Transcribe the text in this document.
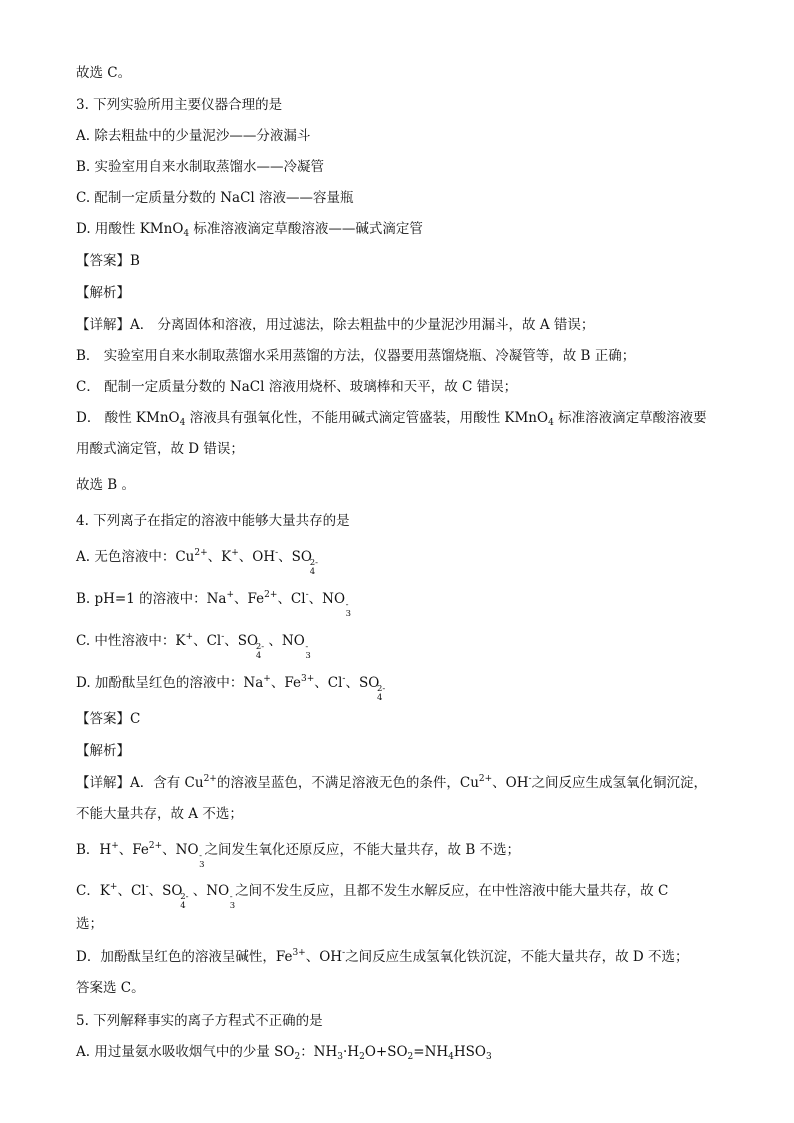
故选 C。
3. 下列实验所用主要仪器合理的是
A. 除去粗盐中的少量泥沙——分液漏斗
B. 实验室用自来水制取蒸馏水——冷凝管
C. 配制一定质量分数的 NaCl 溶液——容量瓶
D. 用酸性 KMnO$_4$ 标准溶液滴定草酸溶液——碱式滴定管
【答案】B
【解析】
【详解】A． 分离固体和溶液，用过滤法，除去粗盐中的少量泥沙用漏斗，故 A 错误；
B． 实验室用自来水制取蒸馏水采用蒸馏的方法，仪器要用蒸馏烧瓶、冷凝管等，故 B 正确；
C． 配制一定质量分数的 NaCl 溶液用烧杯、玻璃棒和天平，故 C 错误；
D． 酸性 KMnO$_4$ 溶液具有强氧化性，不能用碱式滴定管盛装，用酸性 KMnO$_4$ 标准溶液滴定草酸溶液要
用酸式滴定管，故 D 错误；
故选 B 。
4. 下列离子在指定的溶液中能够大量共存的是
A. 无色溶液中：$Cu^{2+}$、K+、OH-、SO
2-
4
B. pH=1 的溶液中：Na+、$Fe^{2+}$、Cl-、NO -
3
C. 中性溶液中：K+、Cl-、SO
2-
4
、NO -
3
D. 加酚酞呈红色的溶液中：Na+、$Fe^{3+}$、Cl-、SO
2-
4
【答案】C
【解析】
【详解】A．含有 $Cu^{2+}$的溶液呈蓝色，不满足溶液无色的条件，$Cu^{2+}$、OH-之间反应生成氢氧化铜沉淀，
不能大量共存，故 A 不选；
B．H+、$Fe^{2+}$、NO -
3
之间发生氧化还原反应，不能大量共存，故 B 不选；
C．K+、Cl-、SO
2-
4
、NO -
3
之间不发生反应，且都不发生水解反应，在中性溶液中能大量共存，故 C
选；
D．加酚酞呈红色的溶液呈碱性，$Fe^{3+}$、OH-之间反应生成氢氧化铁沉淀，不能大量共存，故 D 不选；
答案选 C。
5. 下列解释事实的离子方程式不正确的是
A. 用过量氨水吸收烟气中的少量 $SO_2$：$NH_3\cdot H_2O+SO_2=NH_4HSO_3$
